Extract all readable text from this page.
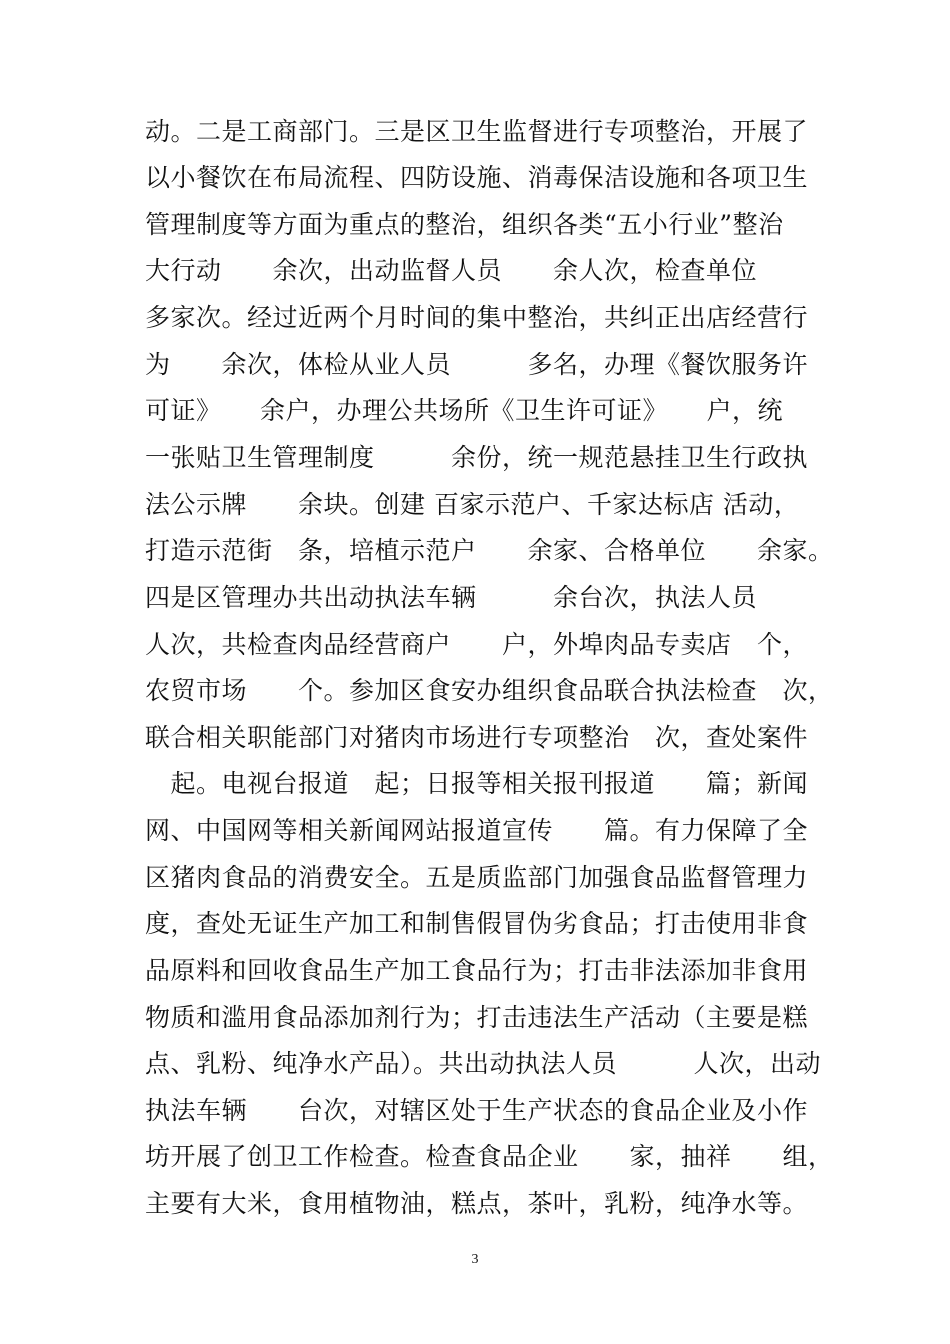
动。二是工商部门。三是区卫生监督进行专项整治，开展了
以小餐饮在布局流程、四防设施、消毒保洁设施和各项卫生
管理制度等方面为重点的整治，组织各类“五小行业”整治
大行动　　余次，出动监督人员　　余人次，检查单位
多家次。经过近两个月时间的集中整治，共纠正出店经营行
为　　余次，体检从业人员　　　多名，办理《餐饮服务许
可证》　　余户，办理公共场所《卫生许可证》　　户，统
一张贴卫生管理制度　　　余份，统一规范悬挂卫生行政执
法公示牌　　余块。创建 百家示范户、千家达标店 活动，
打造示范街　条，培植示范户　　余家、合格单位　　余家。
四是区管理办共出动执法车辆　　　余台次，执法人员
人次，共检查肉品经营商户　　户，外埠肉品专卖店　个，
农贸市场　　个。参加区食安办组织食品联合执法检查　次，
联合相关职能部门对猪肉市场进行专项整治　次，查处案件
　起。电视台报道　起；日报等相关报刊报道　　篇；新闻
网、中国网等相关新闻网站报道宣传　　篇。有力保障了全
区猪肉食品的消费安全。五是质监部门加强食品监督管理力
度，查处无证生产加工和制售假冒伪劣食品；打击使用非食
品原料和回收食品生产加工食品行为；打击非法添加非食用
物质和滥用食品添加剂行为；打击违法生产活动（主要是糕
点、乳粉、纯净水产品）。共出动执法人员　　　人次，出动
执法车辆　　台次，对辖区处于生产状态的食品企业及小作
坊开展了创卫工作检查。检查食品企业　　家，抽祥　　组，
主要有大米，食用植物油，糕点，茶叶，乳粉，纯净水等。
3
